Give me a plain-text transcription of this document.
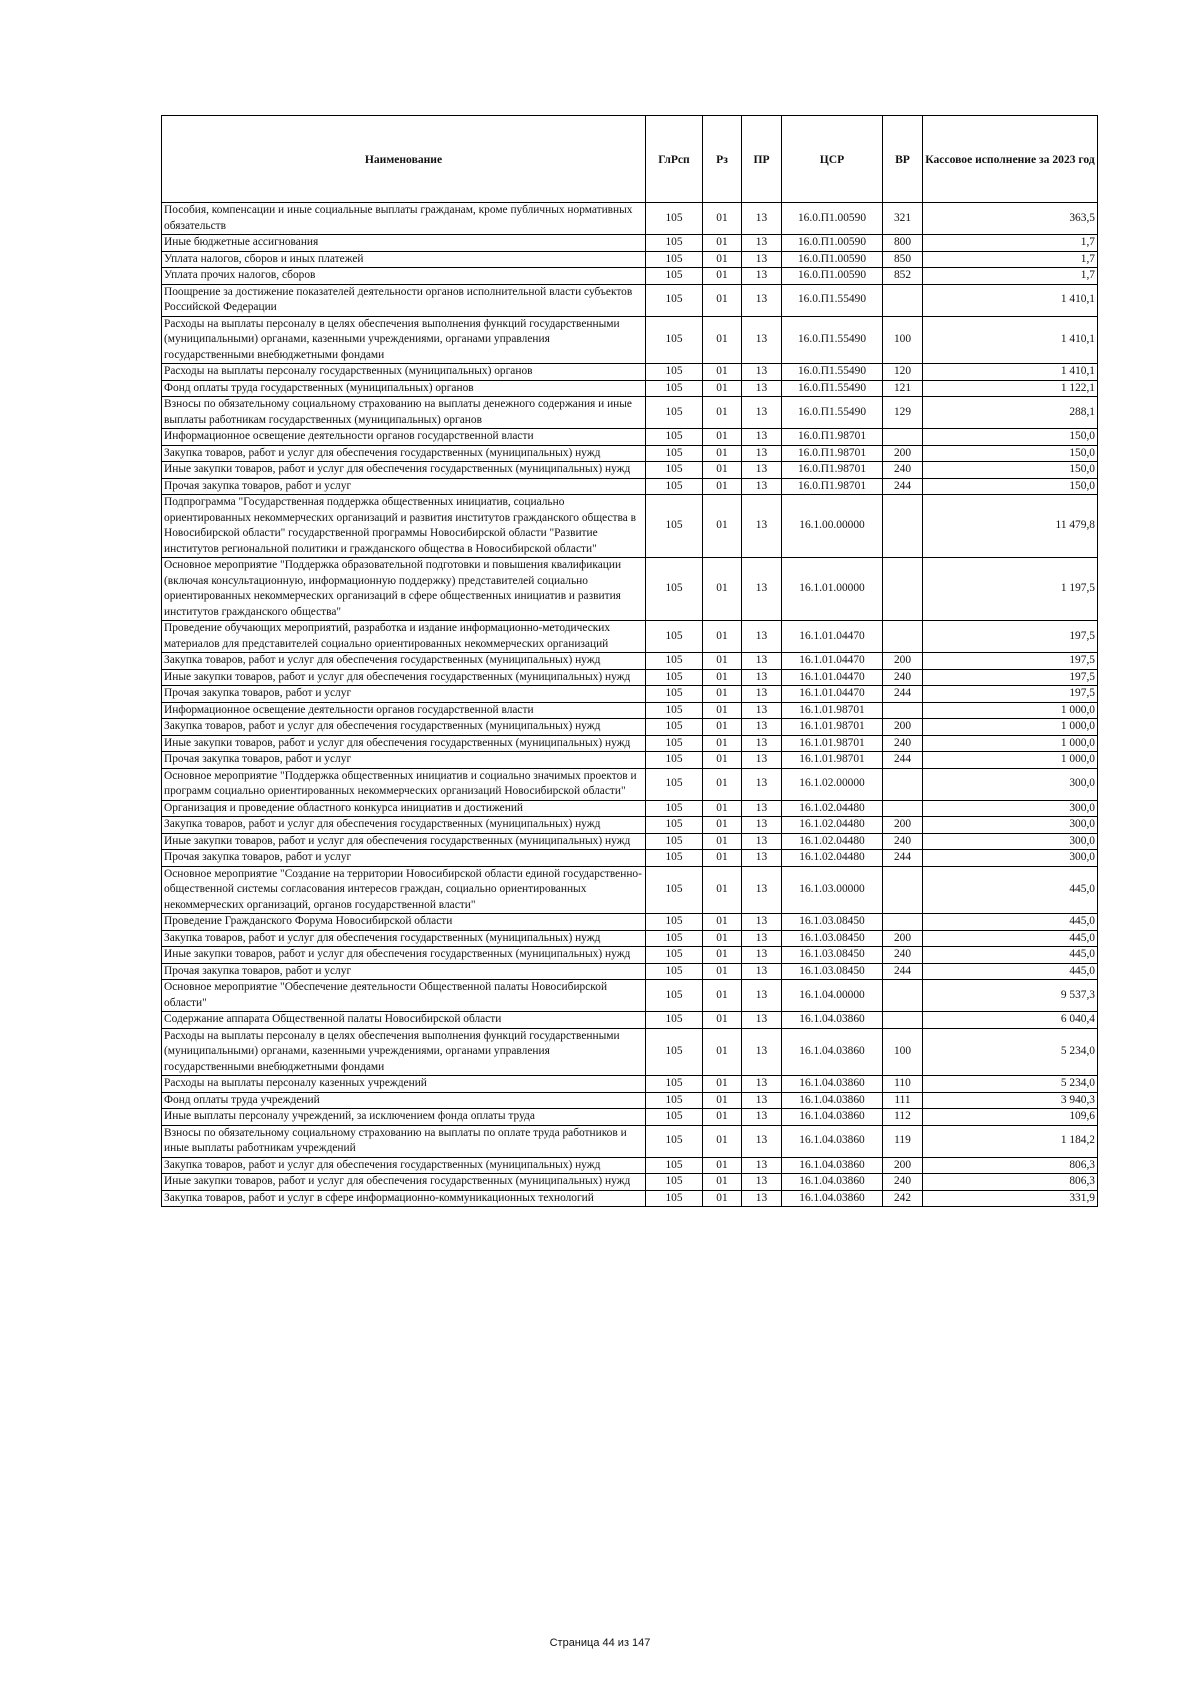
Наименование	ГлРсп	Рз	ПР	ЦСР	ВР	Кассовое исполнение за 2023 год
Пособия, компенсации и иные социальные выплаты гражданам, кроме публичных нормативных обязательств	105	01	13	16.0.П1.00590	321	363,5
Иные бюджетные ассигнования	105	01	13	16.0.П1.00590	800	1,7
Уплата налогов, сборов и иных платежей	105	01	13	16.0.П1.00590	850	1,7
Уплата прочих налогов, сборов	105	01	13	16.0.П1.00590	852	1,7
Поощрение за достижение показателей деятельности органов исполнительной власти субъектов Российской Федерации	105	01	13	16.0.П1.55490		1 410,1
Расходы на выплаты персоналу в целях обеспечения выполнения функций государственными (муниципальными) органами, казенными учреждениями, органами управления государственными внебюджетными фондами	105	01	13	16.0.П1.55490	100	1 410,1
Расходы на выплаты персоналу государственных (муниципальных) органов	105	01	13	16.0.П1.55490	120	1 410,1
Фонд оплаты труда государственных (муниципальных) органов	105	01	13	16.0.П1.55490	121	1 122,1
Взносы по обязательному социальному страхованию на выплаты денежного содержания и иные выплаты работникам государственных (муниципальных) органов	105	01	13	16.0.П1.55490	129	288,1
Информационное освещение деятельности органов государственной власти	105	01	13	16.0.П1.98701		150,0
Закупка товаров, работ и услуг для обеспечения государственных (муниципальных) нужд	105	01	13	16.0.П1.98701	200	150,0
Иные закупки товаров, работ и услуг для обеспечения государственных (муниципальных) нужд	105	01	13	16.0.П1.98701	240	150,0
Прочая закупка товаров, работ и услуг	105	01	13	16.0.П1.98701	244	150,0
Подпрограмма "Государственная поддержка общественных инициатив, социально ориентированных некоммерческих организаций и развития институтов гражданского общества в Новосибирской области" государственной программы Новосибирской области "Развитие институтов региональной политики и гражданского общества в Новосибирской области"	105	01	13	16.1.00.00000		11 479,8
Основное мероприятие "Поддержка образовательной подготовки и повышения квалификации (включая консультационную, информационную поддержку) представителей социально ориентированных некоммерческих организаций в сфере общественных инициатив и развития институтов гражданского общества"	105	01	13	16.1.01.00000		1 197,5
Проведение обучающих мероприятий, разработка и издание информационно-методических материалов для представителей социально ориентированных некоммерческих организаций	105	01	13	16.1.01.04470		197,5
Закупка товаров, работ и услуг для обеспечения государственных (муниципальных) нужд	105	01	13	16.1.01.04470	200	197,5
Иные закупки товаров, работ и услуг для обеспечения государственных (муниципальных) нужд	105	01	13	16.1.01.04470	240	197,5
Прочая закупка товаров, работ и услуг	105	01	13	16.1.01.04470	244	197,5
Информационное освещение деятельности органов государственной власти	105	01	13	16.1.01.98701		1 000,0
Закупка товаров, работ и услуг для обеспечения государственных (муниципальных) нужд	105	01	13	16.1.01.98701	200	1 000,0
Иные закупки товаров, работ и услуг для обеспечения государственных (муниципальных) нужд	105	01	13	16.1.01.98701	240	1 000,0
Прочая закупка товаров, работ и услуг	105	01	13	16.1.01.98701	244	1 000,0
Основное мероприятие "Поддержка общественных инициатив и социально значимых проектов и программ социально ориентированных некоммерческих организаций Новосибирской области"	105	01	13	16.1.02.00000		300,0
Организация и проведение областного конкурса инициатив и достижений	105	01	13	16.1.02.04480		300,0
Закупка товаров, работ и услуг для обеспечения государственных (муниципальных) нужд	105	01	13	16.1.02.04480	200	300,0
Иные закупки товаров, работ и услуг для обеспечения государственных (муниципальных) нужд	105	01	13	16.1.02.04480	240	300,0
Прочая закупка товаров, работ и услуг	105	01	13	16.1.02.04480	244	300,0
Основное мероприятие "Создание на территории Новосибирской области единой государственно-общественной системы согласования интересов граждан, социально ориентированных некоммерческих организаций, органов государственной власти"	105	01	13	16.1.03.00000		445,0
Проведение Гражданского Форума Новосибирской области	105	01	13	16.1.03.08450		445,0
Закупка товаров, работ и услуг для обеспечения государственных (муниципальных) нужд	105	01	13	16.1.03.08450	200	445,0
Иные закупки товаров, работ и услуг для обеспечения государственных (муниципальных) нужд	105	01	13	16.1.03.08450	240	445,0
Прочая закупка товаров, работ и услуг	105	01	13	16.1.03.08450	244	445,0
Основное мероприятие "Обеспечение деятельности Общественной палаты Новосибирской области"	105	01	13	16.1.04.00000		9 537,3
Содержание аппарата Общественной палаты Новосибирской области	105	01	13	16.1.04.03860		6 040,4
Расходы на выплаты персоналу в целях обеспечения выполнения функций государственными (муниципальными) органами, казенными учреждениями, органами управления государственными внебюджетными фондами	105	01	13	16.1.04.03860	100	5 234,0
Расходы на выплаты персоналу казенных учреждений	105	01	13	16.1.04.03860	110	5 234,0
Фонд оплаты труда учреждений	105	01	13	16.1.04.03860	111	3 940,3
Иные выплаты персоналу учреждений, за исключением фонда оплаты труда	105	01	13	16.1.04.03860	112	109,6
Взносы по обязательному социальному страхованию на выплаты по оплате труда работников и иные выплаты работникам учреждений	105	01	13	16.1.04.03860	119	1 184,2
Закупка товаров, работ и услуг для обеспечения государственных (муниципальных) нужд	105	01	13	16.1.04.03860	200	806,3
Иные закупки товаров, работ и услуг для обеспечения государственных (муниципальных) нужд	105	01	13	16.1.04.03860	240	806,3
Закупка товаров, работ и услуг в сфере информационно-коммуникационных технологий	105	01	13	16.1.04.03860	242	331,9
Страница 44 из 147
